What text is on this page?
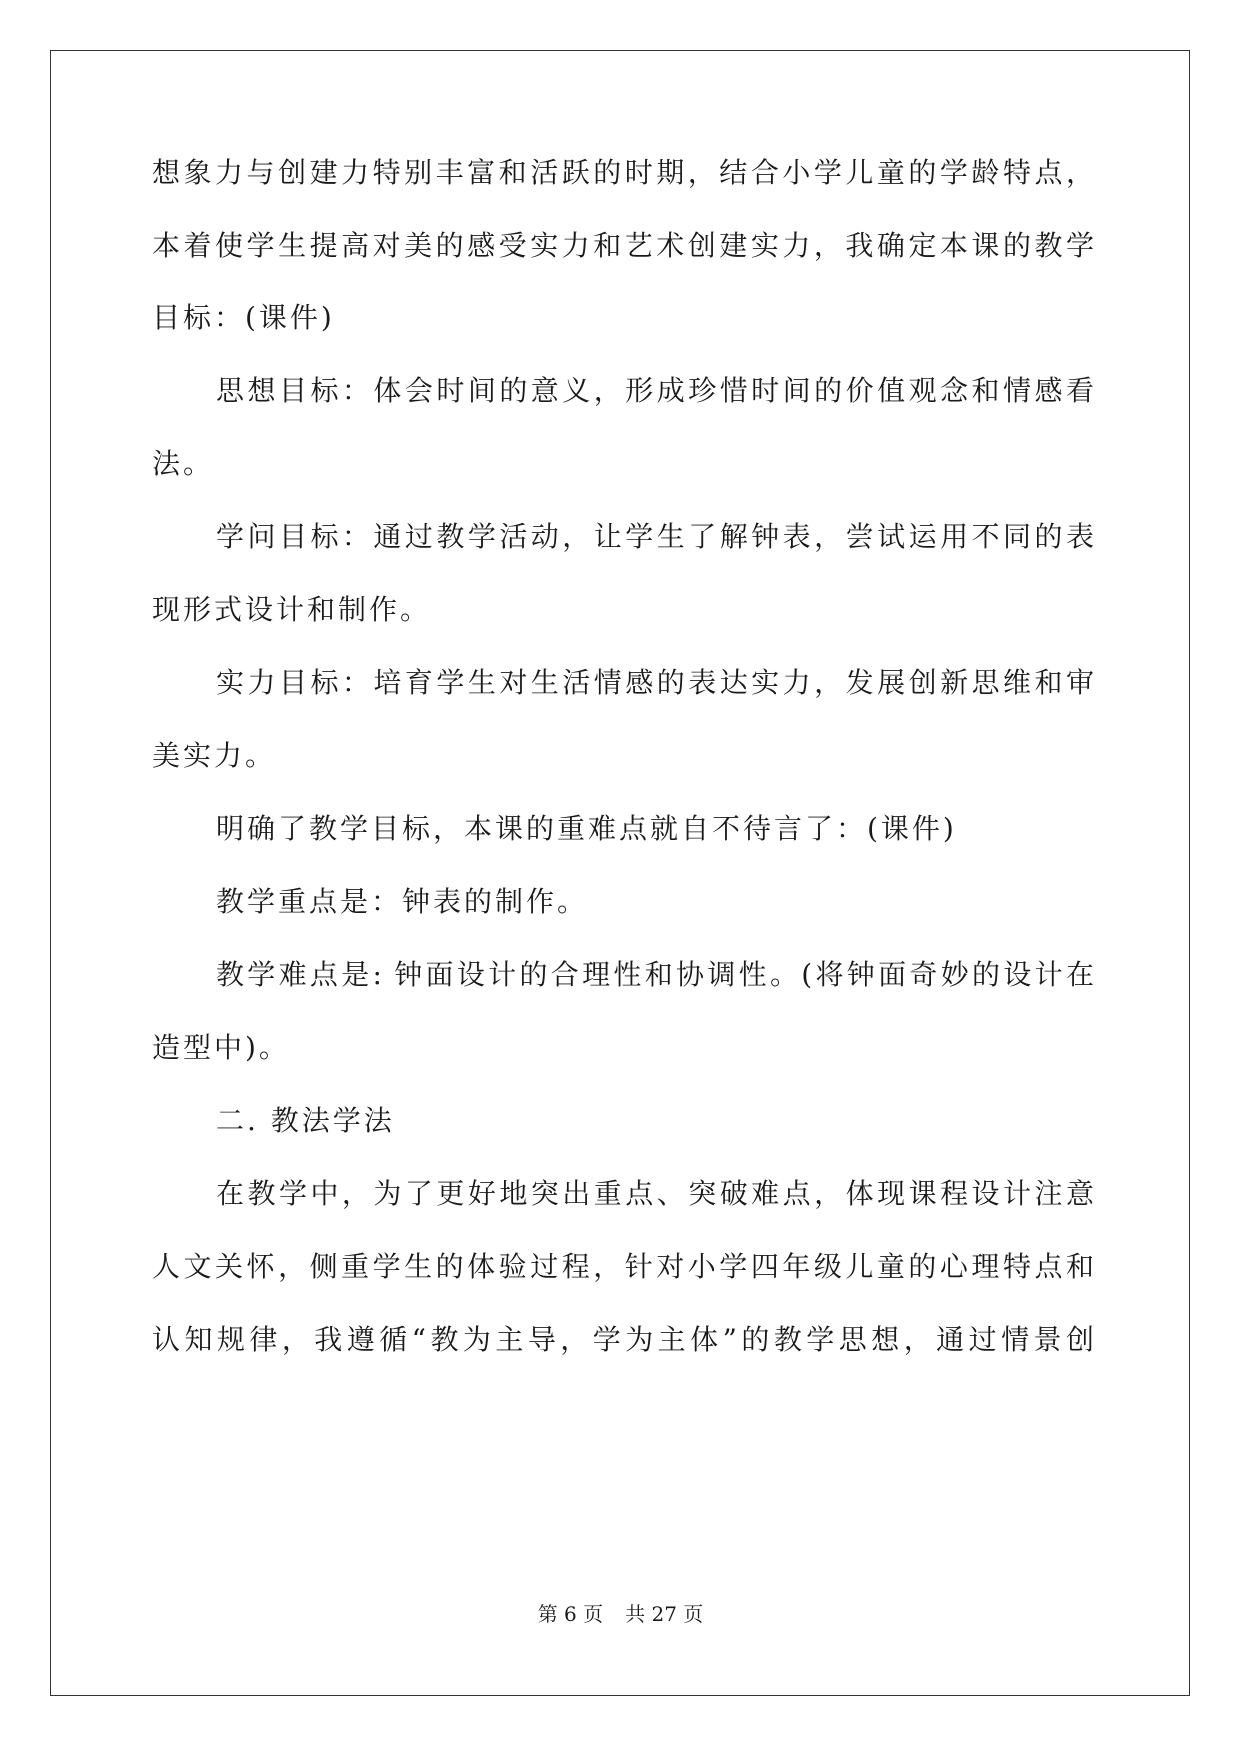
想象力与创建力特别丰富和活跃的时期，结合小学儿童的学龄特点，
本着使学生提高对美的感受实力和艺术创建实力，我确定本课的教学
目标：(课件)
思想目标：体会时间的意义，形成珍惜时间的价值观念和情感看
法。
学问目标：通过教学活动，让学生了解钟表，尝试运用不同的表
现形式设计和制作。
实力目标：培育学生对生活情感的表达实力，发展创新思维和审
美实力。
明确了教学目标，本课的重难点就自不待言了：(课件)
教学重点是：钟表的制作。
教学难点是: 钟面设计的合理性和协调性。(将钟面奇妙的设计在
造型中)。
二. 教法学法
在教学中，为了更好地突出重点、突破难点，体现课程设计注意
人文关怀，侧重学生的体验过程，针对小学四年级儿童的心理特点和
认知规律，我遵循“教为主导，学为主体”的教学思想，通过情景创
第 6 页 共 27 页
